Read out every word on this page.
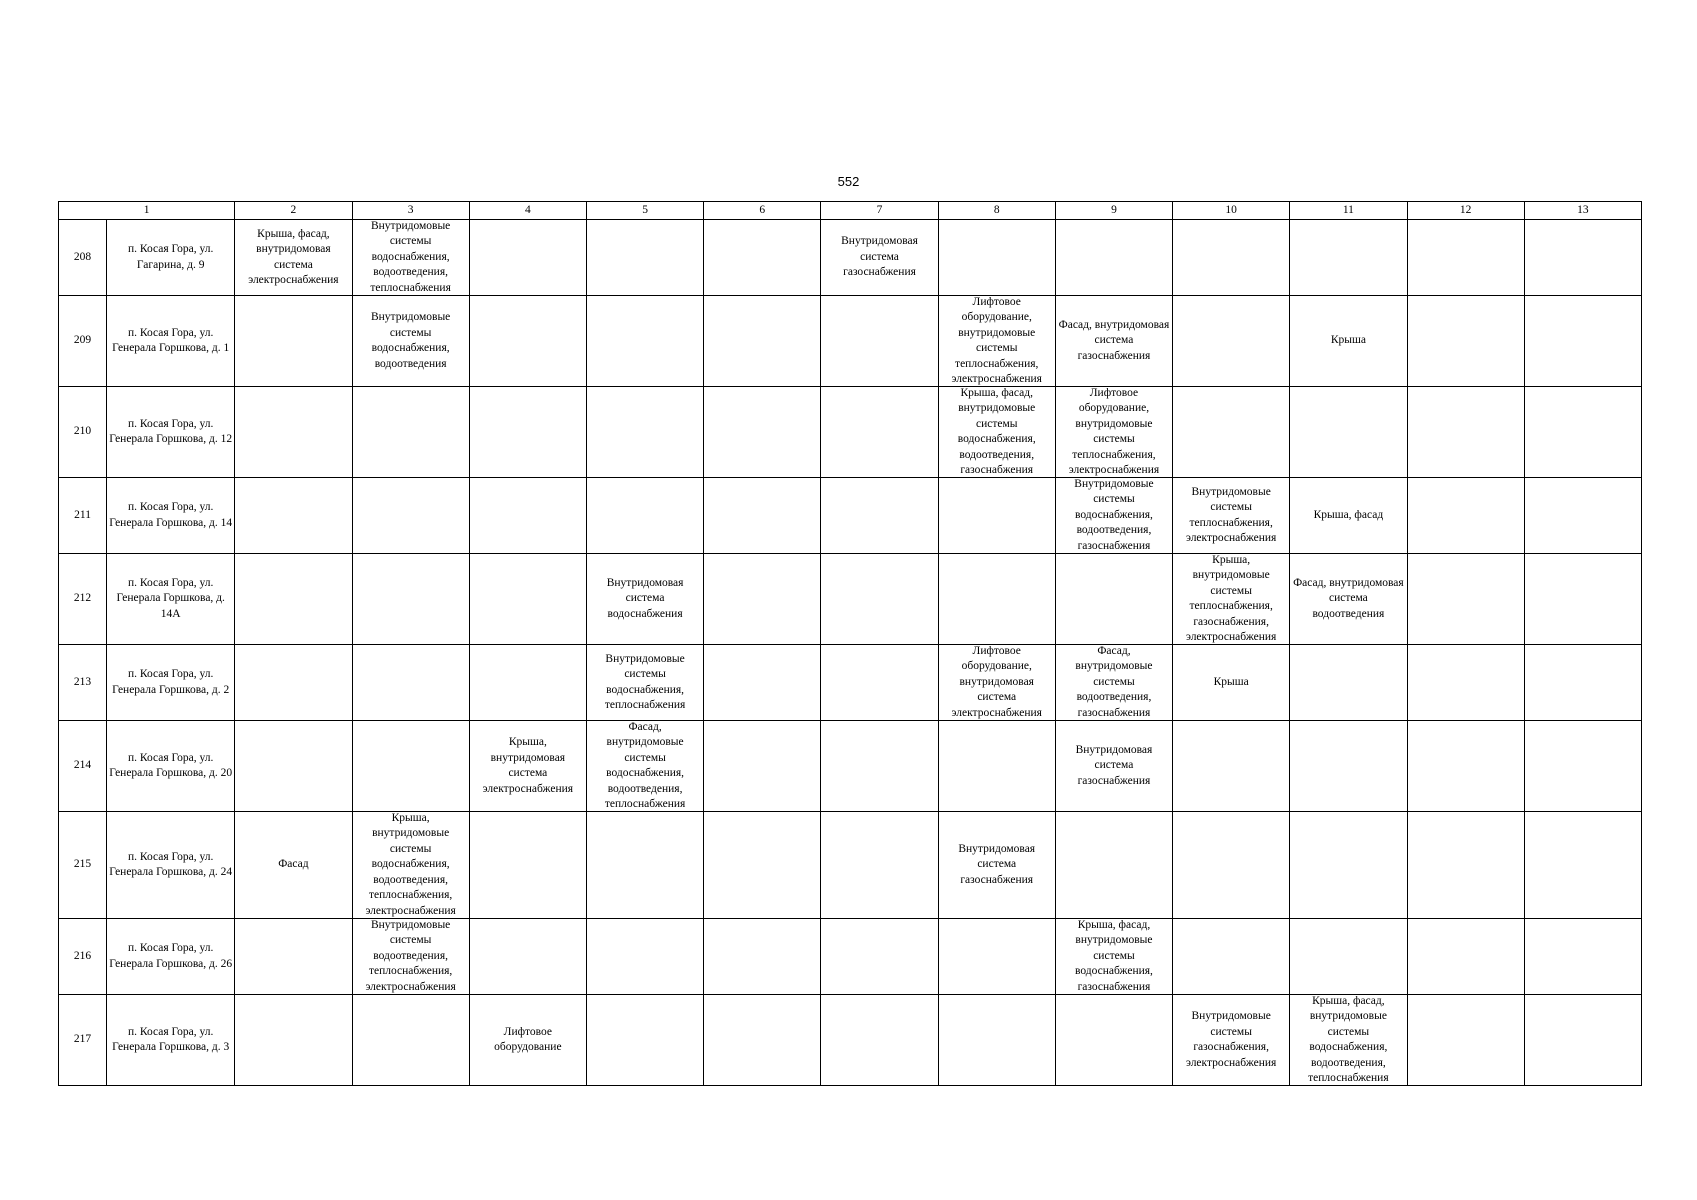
552
1		2	3	4	5	6	7	8	9	10	11	12	13

208	п. Косая Гора, ул. Гагарина, д. 9	Крыша, фасад, внутридомовая система электроснабжения	Внутридомовые системы водоснабжения, водоотведения, теплоснабжения				Внутридомовая система газоснабжения						

209	п. Косая Гора, ул. Генерала Горшкова, д. 1		Внутридомовые системы водоснабжения, водоотведения					Лифтовое оборудование, внутридомовые системы теплоснабжения, электроснабжения	Фасад, внутридомовая система газоснабжения		Крыша		

210	п. Косая Гора, ул. Генерала Горшкова, д. 12							Крыша, фасад, внутридомовые системы водоснабжения, водоотведения, газоснабжения	Лифтовое оборудование, внутридомовые системы теплоснабжения, электроснабжения				

211	п. Косая Гора, ул. Генерала Горшкова, д. 14								Внутридомовые системы водоснабжения, водоотведения, газоснабжения	Внутридомовые системы теплоснабжения, электроснабжения	Крыша, фасад		

212	п. Косая Гора, ул. Генерала Горшкова, д. 14А				Внутридомовая система водоснабжения					Крыша, внутридомовые системы теплоснабжения, газоснабжения, электроснабжения	Фасад, внутридомовая система водоотведения		

213	п. Косая Гора, ул. Генерала Горшкова, д. 2				Внутридомовые системы водоснабжения, теплоснабжения			Лифтовое оборудование, внутридомовая система электроснабжения	Фасад, внутридомовые системы водоотведения, газоснабжения	Крыша			

214	п. Косая Гора, ул. Генерала Горшкова, д. 20			Крыша, внутридомовая система электроснабжения	Фасад, внутридомовые системы водоснабжения, водоотведения, теплоснабжения				Внутридомовая система газоснабжения				

215	п. Косая Гора, ул. Генерала Горшкова, д. 24	Фасад	Крыша, внутридомовые системы водоснабжения, водоотведения, теплоснабжения, электроснабжения					Внутридомовая система газоснабжения					

216	п. Косая Гора, ул. Генерала Горшкова, д. 26		Внутридомовые системы водоотведения, теплоснабжения, электроснабжения						Крыша, фасад, внутридомовые системы водоснабжения, газоснабжения				

217	п. Косая Гора, ул. Генерала Горшкова, д. 3			Лифтовое оборудование						Внутридомовые системы газоснабжения, электроснабжения	Крыша, фасад, внутридомовые системы водоснабжения, водоотведения, теплоснабжения		
